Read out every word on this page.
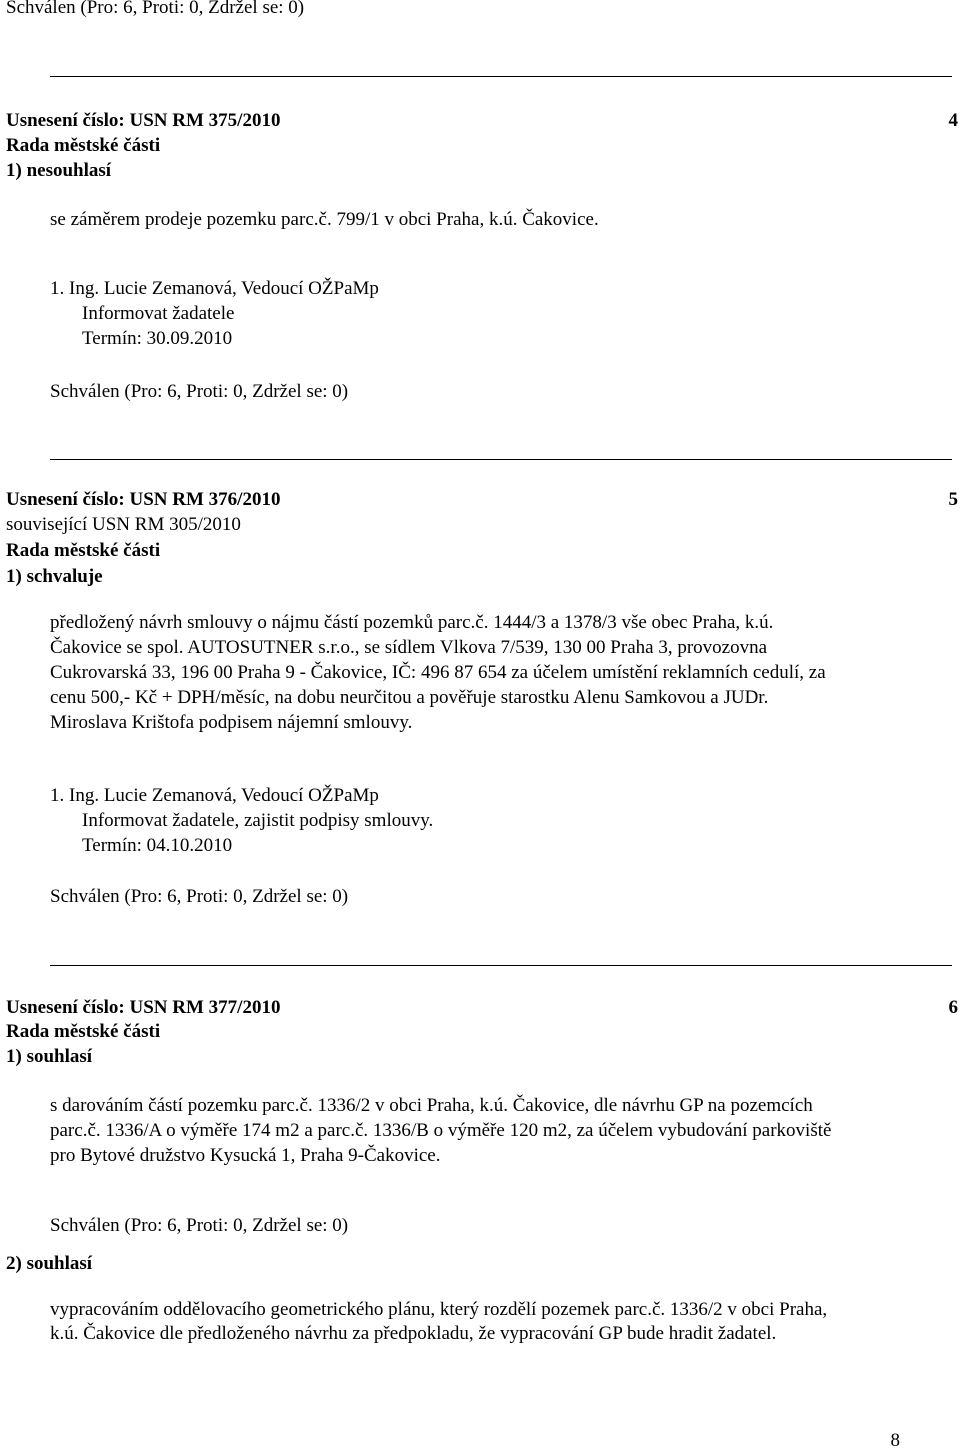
Schválen (Pro: 6, Proti: 0, Zdržel se: 0)
Usnesení číslo: USN RM 375/2010	4
Rada městské části
1) nesouhlasí
se záměrem prodeje pozemku parc.č. 799/1 v obci Praha, k.ú. Čakovice.
1. Ing. Lucie Zemanová, Vedoucí OŽPaMp
Informovat žadatele
Termín: 30.09.2010
Schválen (Pro: 6, Proti: 0, Zdržel se: 0)
Usnesení číslo: USN RM 376/2010	5
související USN RM 305/2010
Rada městské části
1) schvaluje
předložený návrh smlouvy o nájmu částí pozemků parc.č. 1444/3 a 1378/3 vše obec Praha, k.ú.
Čakovice se spol. AUTOSUTNER s.r.o., se sídlem Vlkova 7/539, 130 00 Praha 3, provozovna
Cukrovarská 33, 196 00 Praha 9 - Čakovice, IČ: 496 87 654 za účelem umístění reklamních cedulí, za
cenu 500,- Kč + DPH/měsíc, na dobu neurčitou a pověřuje starostku Alenu Samkovou a JUDr.
Miroslava Krištofa podpisem nájemní smlouvy.
1. Ing. Lucie Zemanová, Vedoucí OŽPaMp
Informovat žadatele, zajistit podpisy smlouvy.
Termín: 04.10.2010
Schválen (Pro: 6, Proti: 0, Zdržel se: 0)
Usnesení číslo: USN RM 377/2010	6
Rada městské části
1) souhlasí
s darováním částí pozemku parc.č. 1336/2 v obci Praha, k.ú. Čakovice, dle návrhu GP na pozemcích
parc.č. 1336/A o výměře 174 m2 a parc.č. 1336/B o výměře 120 m2, za účelem vybudování parkoviště
pro Bytové družstvo Kysucká 1, Praha 9-Čakovice.
Schválen (Pro: 6, Proti: 0, Zdržel se: 0)
2) souhlasí
vypracováním oddělovacího geometrického plánu, který rozdělí pozemek parc.č. 1336/2 v obci Praha,
k.ú. Čakovice dle předloženého návrhu za předpokladu, že vypracování GP bude hradit žadatel.
8
